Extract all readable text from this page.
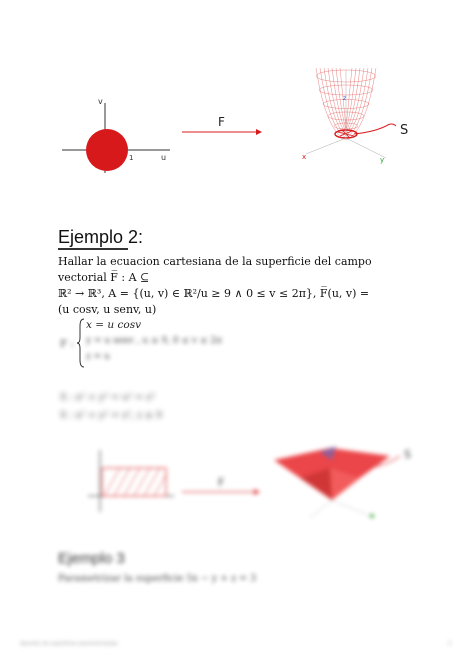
v
u
1
F
z
x	y
S
Ejemplo 2:
Hallar la ecuacion cartesiana de la superficie del campo vectorial F̅ : A ⊆
ℝ² → ℝ³, A = {(u, v) ∈ ℝ²/u ≥ 9 ∧ 0 ≤ v ≤ 2π}, F̅(u, v) =
(u cosv, u senv, u)
F :
x = u cosv
y = u senv , u ≥ 9, 0 ≤ v ≤ 2π
z = u
S : x² + y² = u² = z²
S : x² + y² = z², z ≥ 9
F
S
Ejemplo 3
Parametrizar la superficie 5x − y + z = 3
Apuntes de superficies parametrizadas	3
